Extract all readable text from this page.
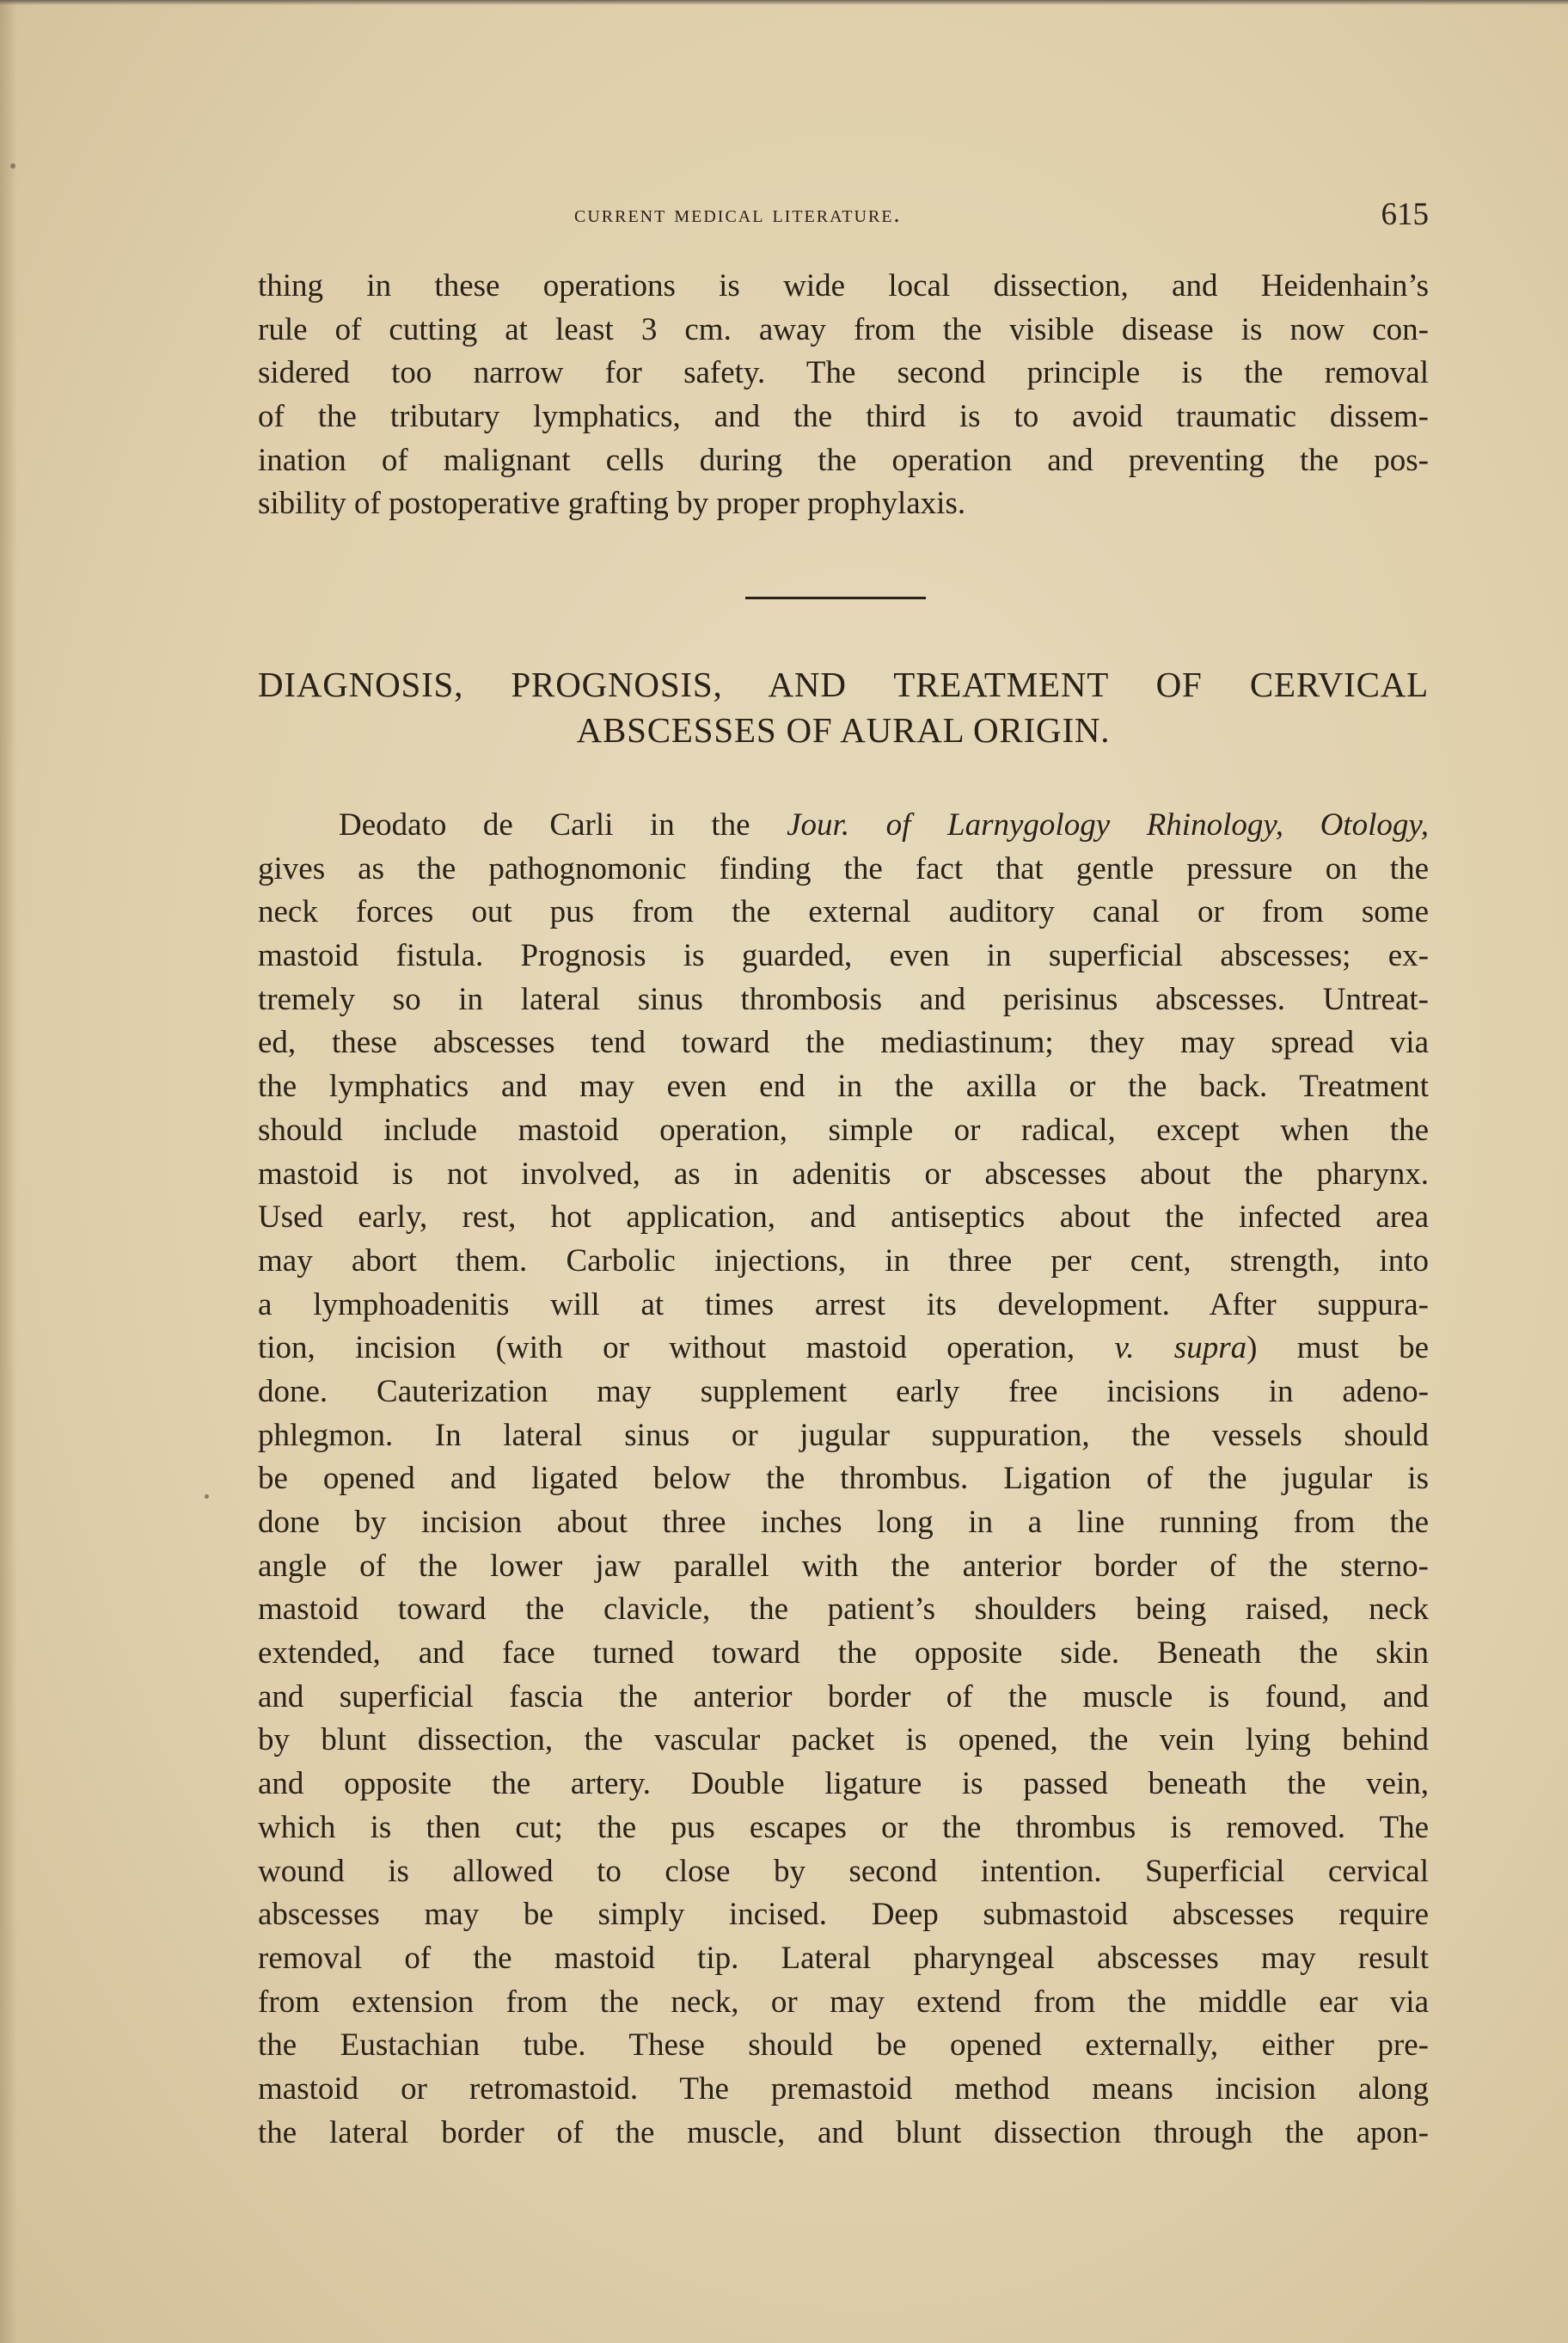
current medical literature.	615
thing in these operations is wide local dissection, and Heidenhain’s
rule of cutting at least 3 cm. away from the visible disease is now con-
sidered too narrow for safety. The second principle is the removal
of the tributary lymphatics, and the third is to avoid traumatic dissem-
ination of malignant cells during the operation and preventing the pos-
sibility of postoperative grafting by proper prophylaxis.
DIAGNOSIS, PROGNOSIS, AND TREATMENT OF CERVICAL
ABSCESSES OF AURAL ORIGIN.
Deodato de Carli in the Jour. of Larnygology Rhinology, Otology,
gives as the pathognomonic finding the fact that gentle pressure on the
neck forces out pus from the external auditory canal or from some
mastoid fistula. Prognosis is guarded, even in superficial abscesses; ex-
tremely so in lateral sinus thrombosis and perisinus abscesses. Untreat-
ed, these abscesses tend toward the mediastinum; they may spread via
the lymphatics and may even end in the axilla or the back. Treatment
should include mastoid operation, simple or radical, except when the
mastoid is not involved, as in adenitis or abscesses about the pharynx.
Used early, rest, hot application, and antiseptics about the infected area
may abort them. Carbolic injections, in three per cent, strength, into
a lymphoadenitis will at times arrest its development. After suppura-
tion, incision (with or without mastoid operation, v. supra) must be
done. Cauterization may supplement early free incisions in adeno-
phlegmon. In lateral sinus or jugular suppuration, the vessels should
be opened and ligated below the thrombus. Ligation of the jugular is
done by incision about three inches long in a line running from the
angle of the lower jaw parallel with the anterior border of the sterno-
mastoid toward the clavicle, the patient’s shoulders being raised, neck
extended, and face turned toward the opposite side. Beneath the skin
and superficial fascia the anterior border of the muscle is found, and
by blunt dissection, the vascular packet is opened, the vein lying behind
and opposite the artery. Double ligature is passed beneath the vein,
which is then cut; the pus escapes or the thrombus is removed. The
wound is allowed to close by second intention. Superficial cervical
abscesses may be simply incised. Deep submastoid abscesses require
removal of the mastoid tip. Lateral pharyngeal abscesses may result
from extension from the neck, or may extend from the middle ear via
the Eustachian tube. These should be opened externally, either pre-
mastoid or retromastoid. The premastoid method means incision along
the lateral border of the muscle, and blunt dissection through the apon-
